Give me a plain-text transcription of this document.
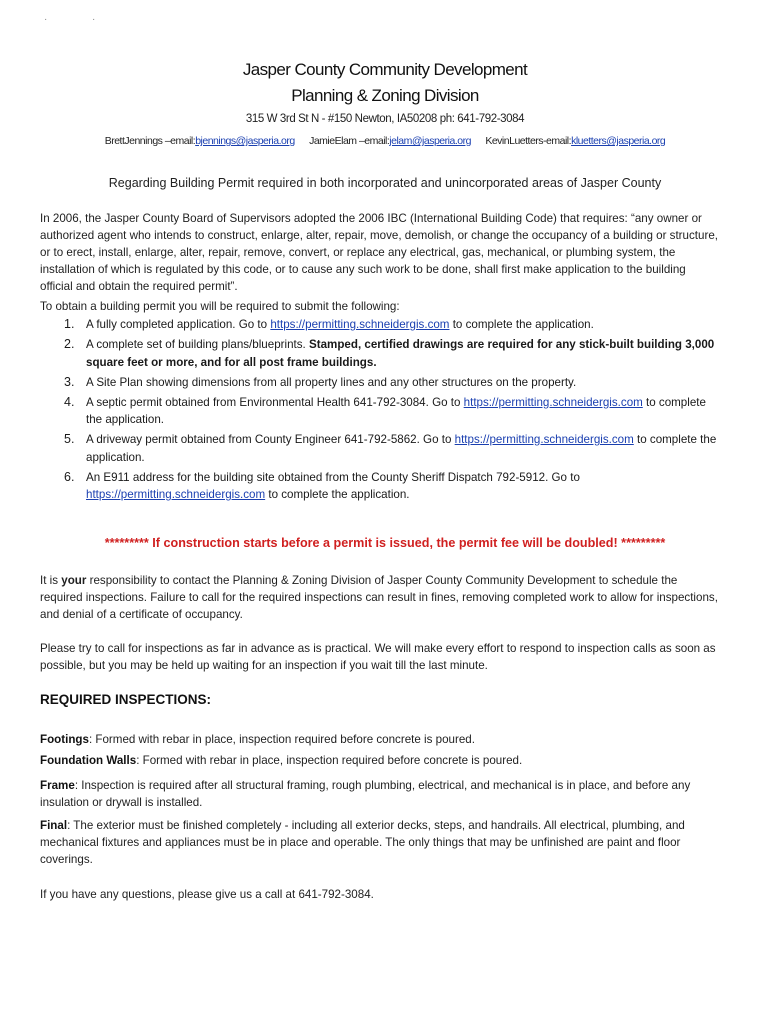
·	·
Jasper County Community Development
Planning & Zoning Division
315 W 3rd St N - #150 Newton, IA50208 ph: 641-792-3084
BrettJennings –email:bjennings@jasperia.org JamieElam –email:jelam@jasperia.org KevinLuetters-email:kluetters@jasperia.org
Regarding Building Permit required in both incorporated and unincorporated areas of Jasper County

In 2006, the Jasper County Board of Supervisors adopted the 2006 IBC (International Building Code) that requires: “any owner or authorized agent who intends to construct, enlarge, alter, repair, move, demolish, or change the occupancy of a building or structure, or to erect, install, enlarge, alter, repair, remove, convert, or replace any electrical, gas, mechanical, or plumbing system, the installation of which is regulated by this code, or to cause any such work to be done, shall first make application to the building official and obtain the required permit”.

To obtain a building permit you will be required to submit the following:

1. A fully completed application. Go to https://permitting.schneidergis.com to complete the application.
2. A complete set of building plans/blueprints. Stamped, certified drawings are required for any stick-built building 3,000 square feet or more, and for all post frame buildings.
3. A Site Plan showing dimensions from all property lines and any other structures on the property.
4. A septic permit obtained from Environmental Health 641-792-3084. Go to https://permitting.schneidergis.com to complete the application.
5. A driveway permit obtained from County Engineer 641-792-5862. Go to https://permitting.schneidergis.com to complete the application.
6. An E911 address for the building site obtained from the County Sheriff Dispatch 792-5912. Go to https://permitting.schneidergis.com to complete the application.
********* If construction starts before a permit is issued, the permit fee will be doubled! *********

It is your responsibility to contact the Planning & Zoning Division of Jasper County Community Development to schedule the required inspections. Failure to call for the required inspections can result in fines, removing completed work to allow for inspections, and denial of a certificate of occupancy.

Please try to call for inspections as far in advance as is practical. We will make every effort to respond to inspection calls as soon as possible, but you may be held up waiting for an inspection if you wait till the last minute.

REQUIRED INSPECTIONS:

Footings: Formed with rebar in place, inspection required before concrete is poured.

Foundation Walls: Formed with rebar in place, inspection required before concrete is poured.

Frame: Inspection is required after all structural framing, rough plumbing, electrical, and mechanical is in place, and before any insulation or drywall is installed.

Final: The exterior must be finished completely - including all exterior decks, steps, and handrails. All electrical, plumbing, and mechanical fixtures and appliances must be in place and operable. The only things that may be unfinished are paint and floor coverings.

If you have any questions, please give us a call at 641-792-3084.
